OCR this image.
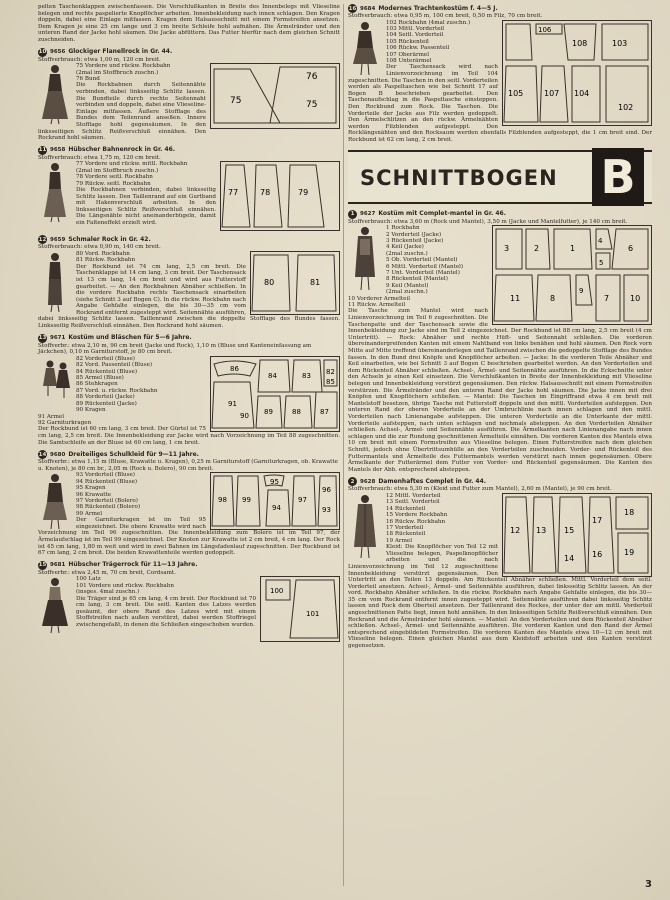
pelten Taschenklappen zwischenfassen. Die Verschlußkanten in Breite des Innenbelegs mit Vlieseline belegen und rechts paspelierte Knopflöcher arbeiten. Innenbekleidung nach innen schlagen. Den Kragen doppeln, dabei eine Einlage mitfassen. Kragen dem Halsausschnitt mit einem Formstreifen ansetzen. Dem Kragen je eine 25 cm lange und 3 cm breite Schleife hohl aufnähen. Die Ärmelränder und den unteren Rand der Jacke hohl säumen. Die Jacke abfüttern. Das Futter hierfür nach dem gleichen Schnitt zuschneiden.
10 9656 Glockiger Flanellrock in Gr. 44.
Stoffverbrauch: etwa 1,00 m, 120 cm breit.
76
75	75
75 Vordere und rückw. Rockbahn
(2mal im Stoffbruch zuschn.)
76 Bund
Die Rockbahnen durch Seitennähte verbinden, dabei linksseitig Schlitz lassen. Die Bundteile durch rechte Seitennaht verbinden und doppeln, dabei eine Vlieseline-Einlage mitfassen. Äußere Stofflage des Bundes dem Teilenrand anseßen. Innere Stofflage hohl gegensäumen. In den linksseitigen Schlitz Reißverschluß einnähen. Den Rockrand hohl säumen.
11 9658 Hübscher Bahnenrock in Gr. 46.
Stoffverbrauch: etwa 1,75 m, 120 cm breit.
77	78	79
77 Vordere und rückw. mittl. Rockbahn
(2mal im Stoffbruch zuschn.)
78 Vordere seitl. Rockbahn
79 Rückw. seitl. Rockbahn
Die Rockbahnen verbinden, dabei linksseitig Schlitz lassen. Den Taillenrand auf ein Gurtband mit Hakenverschluß arbeiten. In den linksseitigen Schlitz Reißverschluß einnähen. Die Längsnähte nicht aneinanderbügeln, damit ein Falteneffekt erzielt wird.
12 9659 Schmaler Rock in Gr. 42.
Stoffverbrauch: etwa 0,90 m, 140 cm breit.
80	81
80 Vord. Rockbahn
81 Rückw. Rockbahn
Der Rockbund ist 74 cm lang, 2,5 cm breit. Die Taschenklappe ist 14 cm lang, 3 cm breit. Der Taschensack ist 13 cm lang, 14 cm breit und wird aus Futterstoff gearbeitet. — An den Rockbahnen Abnäher schließen. In die vordere Rockbahn rechts Taschensack einarbeiten (siehe Schnitt 3 auf Bogen C). In die rückw. Rockbahn nach Angabe Gehfalte einlegen, die bis 30—35 cm vom Rockrand entfernt zugesteppt wird. Seitennähte ausführen, dabei linksseitig Schlitz lassen. Taillenrand zwischen die doppelte Stofflage des Bundes fassen. Linksseitig Reißverschluß einnähen. Den Rockrand hohl säumen.
13 9671 Kostüm und Bläschen für 5—6 Jahre.
Stoffverbr.: etwa 2,10 m, 90 cm breit (Jacke und Rock), 1,10 m (Bluse und Kanteneinfassung am Jäckchen), 0,10 m Garniturstoff, je 80 cm breit.
86
84	83 82
85
91
90 89	88	87
82 Vorderteil (Bluse)
82 Vord. Passenteil (Bluse)
84 Rückenteil (Bluse)
85 Ärmel (Bluse)
86 Stehkragen
87 Vord. u. rückw. Rockbahn
88 Vorderteil (Jacke)
89 Rückenteil (Jacke)
90 Kragen
91 Ärmel
92 Garniturkragen
Der Rockbund ist 60 cm lang, 3 cm breit. Der Gürtel ist 75 cm lang, 2,5 cm breit. Die Innenbekleidung zur Jacke wird nach Vorzeichnung im Teil 88 zugeschnitten. Die Samtschleife an der Bluse ist 60 cm lang, 1 cm breit.
14 9680 Dreiteiliges Schulkleid für 9—11 Jahre.
Stoffverbr.: etwa 1,15 m (Bluse, Krawatte u. Kragen), 0,25 m Garniturstoff (Garniturkragen, ob. Krawatte u. Knoten), je 80 cm br., 2,05 m (Rock u. Bolero), 90 cm breit.
98 99
95
94
97
96
93
93 Vorderteil (Bluse)
94 Rückenteil (Bluse)
95 Kragen
96 Krawatte
97 Vorderteil (Bolero)
98 Rückenteil (Bolero)
99 Ärmel
Der Garniturkragen ist im Teil 95 eingezeichnet. Die obere Krawatte wird nach Vorzeichnung im Teil 96 zugeschnitten. Die Innenbekleidung zum Bolero ist im Teil 97, der Ärmelaufschlag ist im Teil 99 eingezeichnet. Der Knoten zur Krawatte ist 2 cm breit, 4 cm lang. Der Rock ist 45 cm lang, 1,80 m weit und wird in zwei Bahnen im Längsfadenlauf zugeschnitten. Der Rockbund ist 67 cm lang, 2 cm breit. Die beiden Krawattenteile werden gedoppelt.
15 9681 Hübscher Trägerrock für 11—13 Jahre.
Stoffverbr.: etwa 2,45 m, 70 cm breit, Cordsamt.
100
101
100 Latz
101 Vordere und rückw. Rockbahn
(insges. 4mal zuschn.)
Die Träger sind je 65 cm lang, 4 cm breit. Der Rockbund ist 70 cm lang, 3 cm breit. Die seitl. Kanten des Latzes werden gesäumt, der obere Rand des Latzes wird mit einem Stoffstreifen nach außen verstürzt, dabei werden Stoffriegel zwischengefaßt, in denen die Schließen eingeschoben wurden.
16 9684 Modernes Trachtenkostüm f. 4—5 J.
Stoffverbrauch: etwa 0,95 m, 100 cm breit, 0,50 m Filz, 70 cm breit.
103
106
108
105	107 104
102
102 Rockbahn (4mal zuschn.)
103 Mittl. Vorderteil
104 Seitl. Vorderteil
105 Rückenteil
106 Rückw. Passenteil
107 Oberärmel
108 Unterärmel
Der Taschensack wird nach Linienvorzeichnung im Teil 104 zugeschnitten. Die Taschen in den seitl. Vorderteilen werden als Paspeltaschen wie bei Schnitt 17 auf Bogen B beschrieben gearbeitet. Den Taschenaufschlag in die Paspeltasche einsteppen. Den Rockbund zum Rock. Die Taschen. Die Vorderteile der Jacke aus Filz werden gedoppelt. Den Ärmelschlitzen an den rückw. Ärmelnähten werden Filzblenden aufgesteppt. Den Rocklängsnähten und den Rocksaum werden ebenfalls Filzblenden aufgesteppt, die 1 cm breit sind. Der Rockbund ist 62 cm lang, 2 cm breit.
SCHNITTBOGEN B
1	9627 Kostüm mit Complet-mantel in Gr. 46.
Stoffverbrauch: etwa 3,60 m (Rock und Mantel), 3,50 m (Jacke und Mantelfutter), je 140 cm breit.
3	2	1
4
6
5
11	8
9
7	10
1 Rockbahn
2 Vorderteil (Jacke)
3 Rückenteil (Jacke)
4 Keil (Jacke)
(2mal zuschn.)
5 Ob. Vorderteil (Mantel)
6 Mittl. Vorderteil (Mantel)
7 Unt. Vorderteil (Mantel)
8 Rückenteil (Mantel)
9 Keil (Mantel)
(2mal zuschn.)
10 Vorderer Ärmelteil
11 Rückw. Ärmelteil
Die Tasche zum Mantel wird nach Linienvorzeichnung im Teil 6 zugeschnitten. Die Taschenpatte und der Taschensack sowie die Innenbekleidung zur Jacke sind im Teil 2 eingezeichnet. Der Rockbund ist 88 cm lang, 2,5 cm breit (4 cm Untertritt). — Rock: Abnäher und rechte Hüft- und Seitennaht schließen. Die vorderen übereinandergreifenden Kanten mit einem Nahtband von links benähen und hohl säumen. Den Rock vorn Mitte auf Mitte treffend übereinanderlegen und Taillenrand zwischen die gedoppelte Stofflage des Bundes fassen. In den Bund drei Knöpfe und Knopflöcher arbeiten. — Jacke: In die vorderen Teile Abnäher und Keil einarbeiten, wie bei Schnitt 3 auf Bogen C beschrieben gearbeitet werden. An den Vorderteilen und dem Rückenteil Abnäher schließen. Achsel-, Ärmel- und Seitennähte ausführen. In die Eckschnitte unter den Achseln je einen Keil einsetzen. Die Verschlußkanten in Breite der Innenbekleidung mit Vlieseline belegen und Innenbekleidung verstürzt gegensäumen. Den rückw. Halsausschnitt mit einem Formstreifen verstürzen. Die Ärmelränder und den unteren Rand der Jacke hohl säumen. Die Jacke innen mit drei Knöpfen und Knopflöchern schließen. — Mantel: Die Taschen im Eingriffrand etwa 4 cm breit mit Mantelstoff besetzen, übrige Tasche mit Futterstoff doppeln und den mittl. Vorderteilen aufsteppen. Den unteren Rand der oberen Vorderteile an der Umbruchlinie nach innen schlagen und den mittl. Vorderteilen nach Linienangabe aufsteppen. Die unteren Vorderteile an die Unterkante der mittl. Vorderteile aufsteppen, nach unten schlagen und nochmals absteppen. An den Vorderteilen Abnäher schließen. Achsel-, Ärmel- und Seitennähte ausführen. Die Ärmelkanten nach Linienangabe nach innen schlagen und die zur Rundung geschnittenen Ärmelteile einnähen. Die vorderen Kanten des Mantels etwa 10 cm breit mit einem Formstreifen aus Vlieseline belegen. Einen Futterstreifen nach dem gleichen Schnitt, jedoch ohne Übertrittsumhülle an den Vorderteilen zuschneiden. Vorder- und Rückenteil des Futtermantels und Ärmelteile des Futtermantels werden verstürzt nach innen gegensäumen. Obere Ärmelkante der Futterärmel dem Futter von Vorder- und Rückenteil gegensäumen. Die Kanten des Mantels der Abb. entsprechend absteppen.
2	9628 Damenhaftes Complet in Gr. 44.
Stoffverbrauch: etwa 5,30 m (Kleid und Futter zum Mantel), 2,60 m (Mantel), je 90 cm breit.
12 13 15
17
18
19
16
14
12 Mittl. Vorderteil
13 Seitl. Vorderteil
14 Rückenteil
15 Vordere Rockbahn
16 Rückw. Rockbahn
17 Vorderteil
18 Rückenteil
19 Ärmel
Kleid: Die Knopflöcher von Teil 12 mit Vlieseline belegen, Paspelknopflöcher arbeiten und die nach Linienvorzeichnung im Teil 12 zugeschnittene Innenbekleidung verstürzt gegensäumen. Den Untertritt an den Teilen 13 doppeln. Am Rückenteil Abnäher schließen. Mittl. Vorderteil dem seitl. Vorderteil ansetzen. Achsel-, Ärmel- und Seitennähte ausführen, dabei linksseitig Schlitz lassen. An der vord. Rockbahn Abnäher schließen. In die rückw. Rockbahn nach Angabe Gehfalte einlegen, die bis 30—35 cm vom Rockrand entfernt innen zugesteppt wird. Seitennähte ausführen dabei linksseitig Schlitz lassen und Rock dem Oberteil ansetzen. Der Taillenrand des Rockes, der unter der am mittl. Vorderteil angeschnittenen Patte liegt, innen hohl annähen. In den linksseitigen Schlitz Reißverschluß einnähen. Den Rockrand und die Ärmelränder hohl säumen. — Mantel: An den Vorderteilen und dem Rückenteil Abnäher schließen. Achsel-, Ärmel- und Seitennähte ausführen. Die vorderen Kanten und den Rand der Ärmel entsprechend eingebildeten Formstreifen. Die vorderen Kanten des Mantels etwa 10—12 cm breit mit Vlieseline belegen. Einen gleichen Mantel aus dem Kleidstoff arbeiten und den Kanten verstürzt gegensetzen.
3
